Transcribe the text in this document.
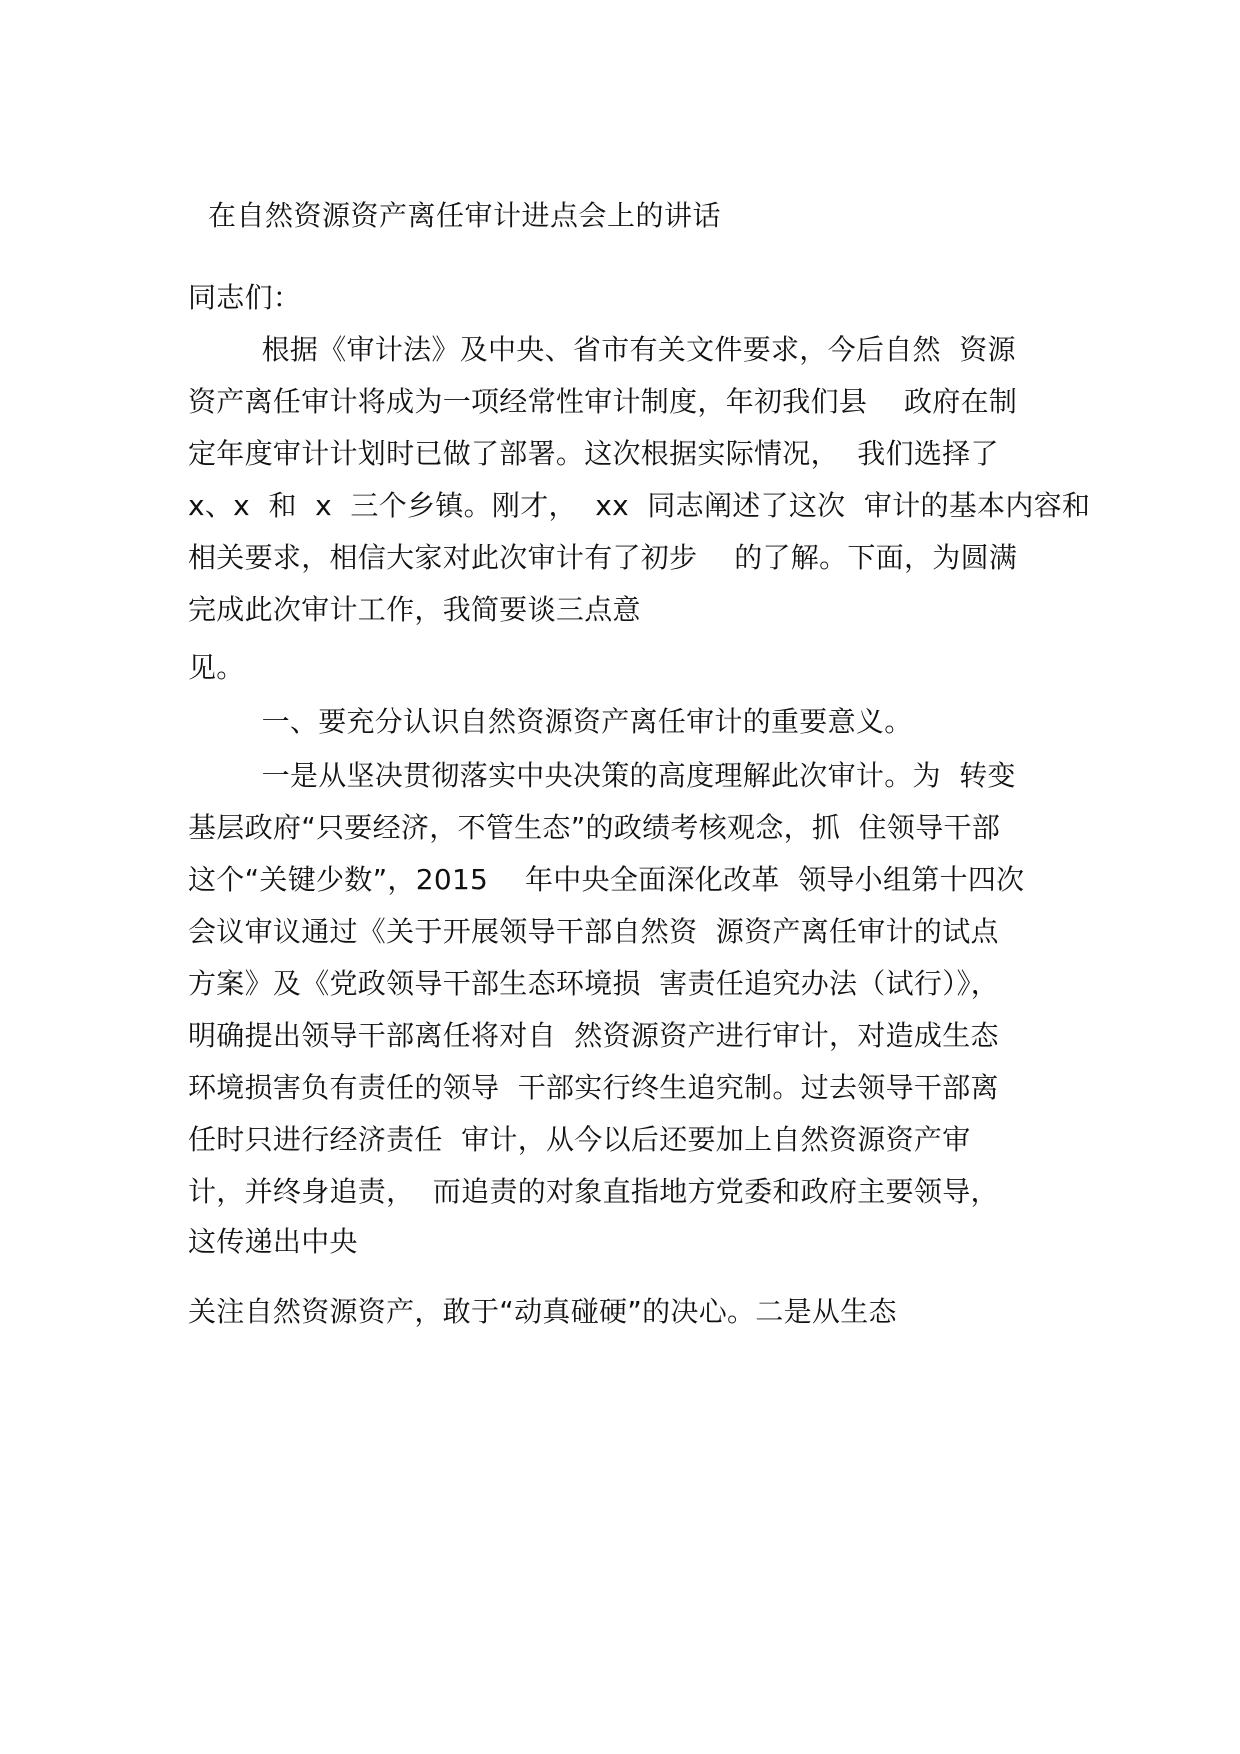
在自然资源资产离任审计进点会上的讲话
同志们：
根据《审计法》及中央、省市有关文件要求，今后自然  资源
资产离任审计将成为一项经常性审计制度，年初我们县    政府在制
定年度审计计划时已做了部署。这次根据实际情况，  我们选择了
x、x  和  x  三个乡镇。刚才，  xx  同志阐述了这次  审计的基本内容和
相关要求，相信大家对此次审计有了初步    的了解。下面，为圆满
完成此次审计工作，我简要谈三点意
见。
一、要充分认识自然资源资产离任审计的重要意义。
一是从坚决贯彻落实中央决策的高度理解此次审计。为  转变
基层政府“只要经济，不管生态”的政绩考核观念，抓  住领导干部
这个“关键少数”，2015    年中央全面深化改革  领导小组第十四次
会议审议通过《关于开展领导干部自然资  源资产离任审计的试点
方案》及《党政领导干部生态环境损  害责任追究办法（试行）》，
明确提出领导干部离任将对自  然资源资产进行审计，对造成生态
环境损害负有责任的领导  干部实行终生追究制。过去领导干部离
任时只进行经济责任  审计，从今以后还要加上自然资源资产审
计，并终身追责，  而追责的对象直指地方党委和政府主要领导，
这传递出中央
关注自然资源资产，敢于“动真碰硬”的决心。二是从生态
